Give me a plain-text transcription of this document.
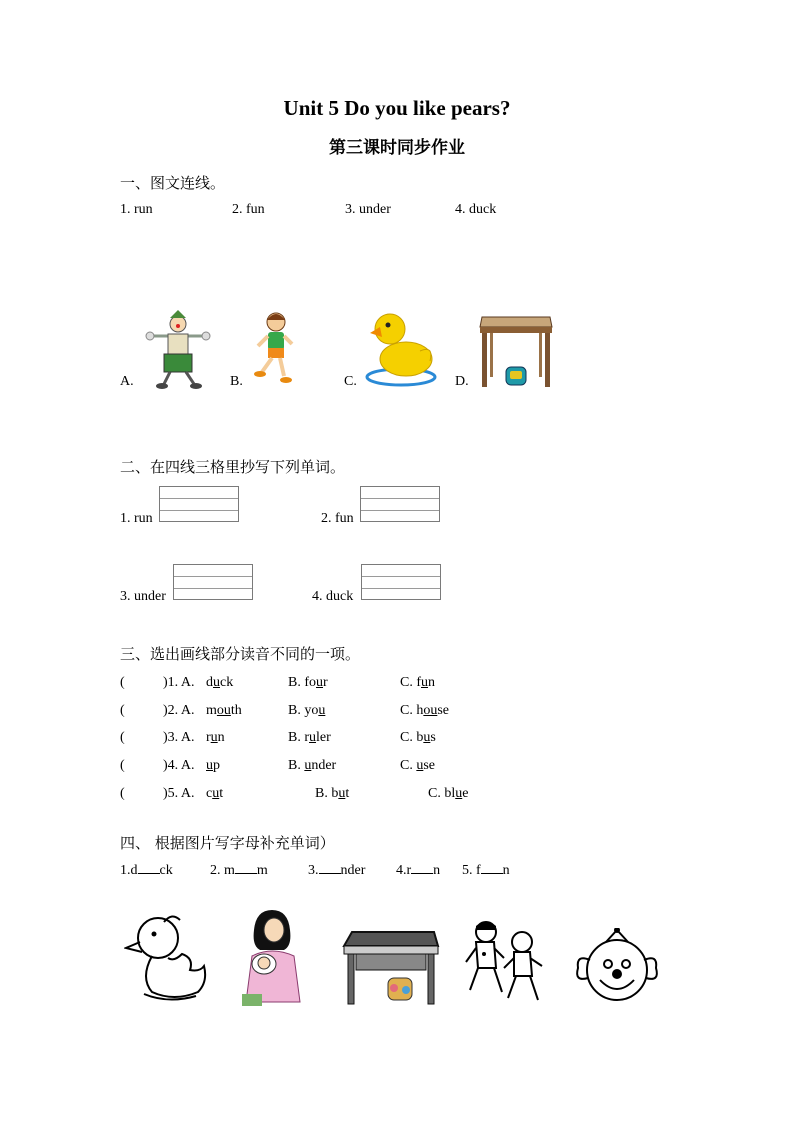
Unit 5 Do you like pears?
第三课时同步作业
一、图文连线。
1. run	2. fun	3. under	4. duck
A.	B.	C.	D.
二、在四线三格里抄写下列单词。
1. run	2. fun
3. under	4. duck
三、选出画线部分读音不同的一项。
(	)1. A. duck	B. four	C. fun
(	)2. A. mouth	B. you	C. house
(	)3. A. run	B. ruler	C. bus
(	)4. A. up	B. under	C. use
(	)5. A. cut	B. but	C. blue
四、 根据图片写字母补充单词）
1.d ck	2. m m	3. nder 4.r n 5. f n
